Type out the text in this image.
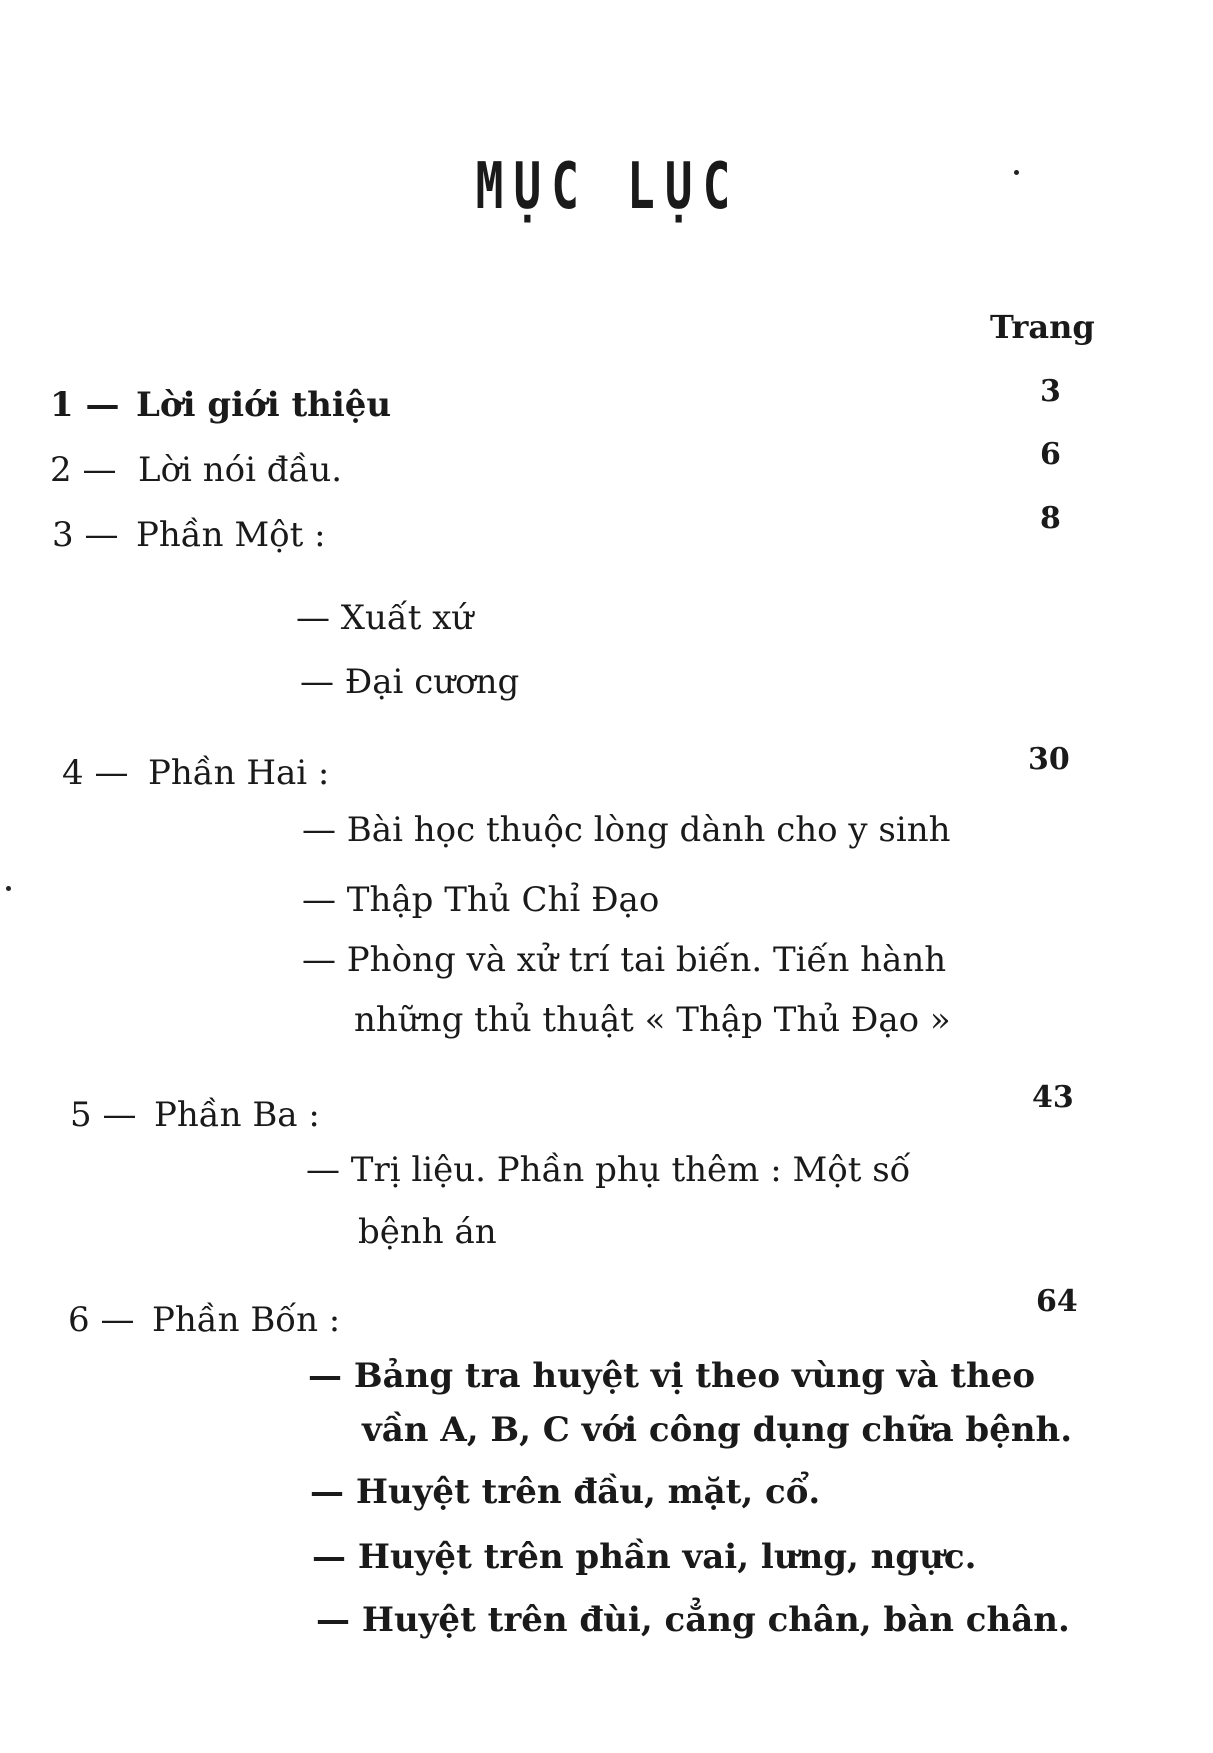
MỤC LỤC
Trang
1 — Lời giới thiệu	3
2 — Lời nói đầu.	6
3 — Phần Một :	8
— Xuất xứ
— Đại cương
4 — Phần Hai :	30
— Bài học thuộc lòng dành cho y sinh
— Thập Thủ Chỉ Đạo
— Phòng và xử trí tai biến. Tiến hành
những thủ thuật « Thập Thủ Đạo »
5 — Phần Ba :	43
— Trị liệu. Phần phụ thêm : Một số
bệnh án
6 — Phần Bốn :	64
— Bảng tra huyệt vị theo vùng và theo
vần A, B, C với công dụng chữa bệnh.
— Huyệt trên đầu, mặt, cổ.
— Huyệt trên phần vai, lưng, ngực.
— Huyệt trên đùi, cẳng chân, bàn chân.
